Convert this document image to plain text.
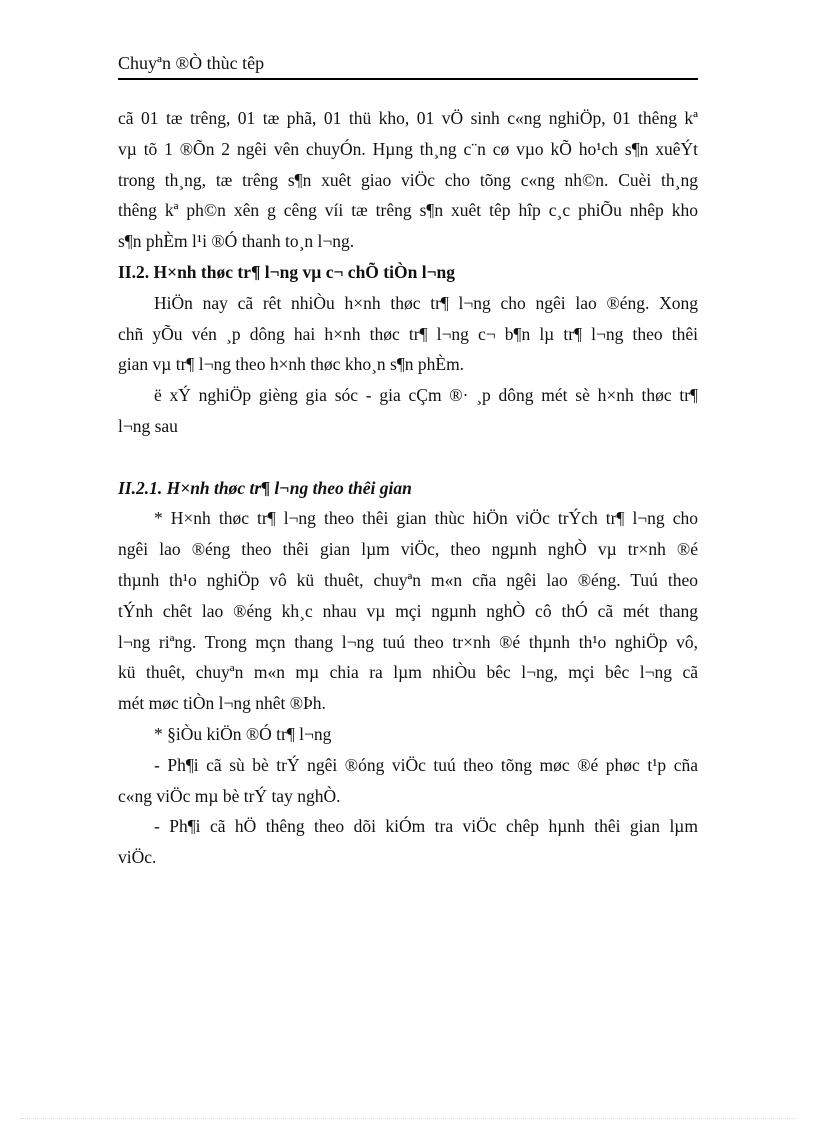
Chuyªn ®Ò thùc têp
cã 01 tæ trêng, 01 tæ phã, 01 thü kho, 01 vÖ sinh c«ng nghiÖp, 01 thêng kª
vµ tõ 1 ®Õn 2 ngêi vên chuyÓn. Hµng th¸ng c¨n cø vµo kÕ ho¹ch s¶n xuêÝt
trong th¸ng, tæ trêng s¶n xuêt giao viÖc cho tõng c«ng nh©n. Cuèi th¸ng
thêng kª ph©n xên g cêng víi tæ trêng s¶n xuêt têp hîp c¸c phiÕu nhêp kho
s¶n phÈm l¹i ®Ó thanh to¸n l¬ng.
II.2. H×nh thøc tr¶ l¬ng vµ c¬ chÕ tiÒn l¬ng
HiÖn nay cã rêt nhiÒu h×nh thøc tr¶ l¬ng cho ngêi lao ®éng. Xong
chñ yÕu vén ¸p dông hai h×nh thøc tr¶ l¬ng c¬ b¶n lµ tr¶ l¬ng theo thêi
gian vµ tr¶ l¬ng theo h×nh thøc kho¸n s¶n phÈm.
ë xÝ nghiÖp gièng gia sóc - gia cÇm ®· ¸p dông mét sè h×nh thøc tr¶
l¬ng sau
II.2.1. H×nh thøc tr¶ l¬ng theo thêi gian
* H×nh thøc tr¶ l¬ng theo thêi gian thùc hiÖn viÖc trÝch tr¶ l¬ng cho
ngêi lao ®éng theo thêi gian lµm viÖc, theo ngµnh nghÒ vµ tr×nh ®é
thµnh th¹o nghiÖp vô kü thuêt, chuyªn m«n cña ngêi lao ®éng. Tuú theo
tÝnh chêt lao ®éng kh¸c nhau vµ mçi ngµnh nghÒ cô thÓ cã mét thang
l¬ng riªng. Trong mçn thang l¬ng tuú theo tr×nh ®é thµnh th¹o nghiÖp vô,
kü thuêt, chuyªn m«n mµ chia ra lµm nhiÒu bêc l¬ng, mçi bêc l¬ng cã
mét møc tiÒn l¬ng nhêt ®Þh.
* §iÒu kiÖn ®Ó tr¶ l¬ng
- Ph¶i cã sù bè trÝ ngêi ®óng viÖc tuú theo tõng møc ®é phøc t¹p cña
c«ng viÖc mµ bè trÝ tay nghÒ.
- Ph¶i cã hÖ thêng theo dõi kiÓm tra viÖc chêp hµnh thêi gian lµm
viÖc.
